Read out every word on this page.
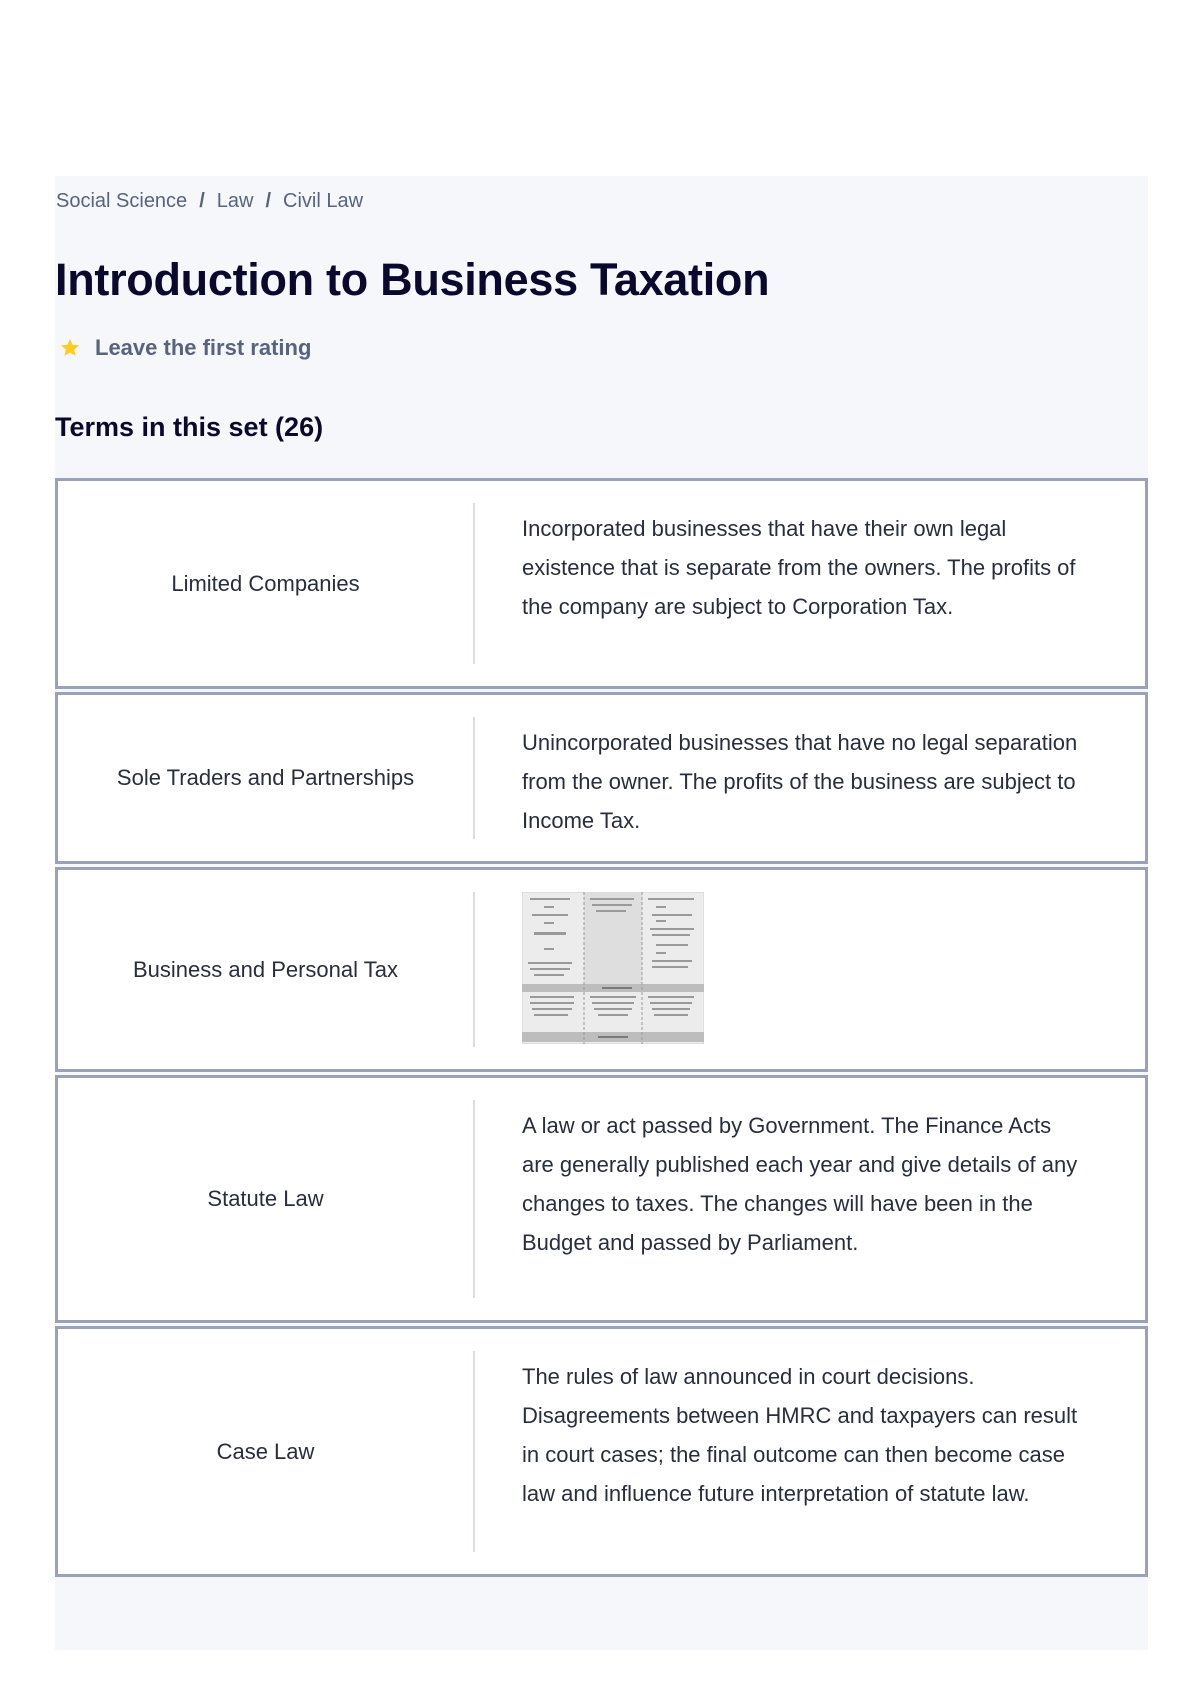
Social Science / Law / Civil Law
Introduction to Business Taxation
Leave the first rating
Terms in this set (26)
Limited Companies
Incorporated businesses that have their own legal existence that is separate from the owners. The profits of the company are subject to Corporation Tax.
Sole Traders and Partnerships
Unincorporated businesses that have no legal separation from the owner. The profits of the business are subject to Income Tax.
Business and Personal Tax
Statute Law
A law or act passed by Government. The Finance Acts are generally published each year and give details of any changes to taxes. The changes will have been in the Budget and passed by Parliament.
Case Law
The rules of law announced in court decisions. Disagreements between HMRC and taxpayers can result in court cases; the final outcome can then become case law and influence future interpretation of statute law.
